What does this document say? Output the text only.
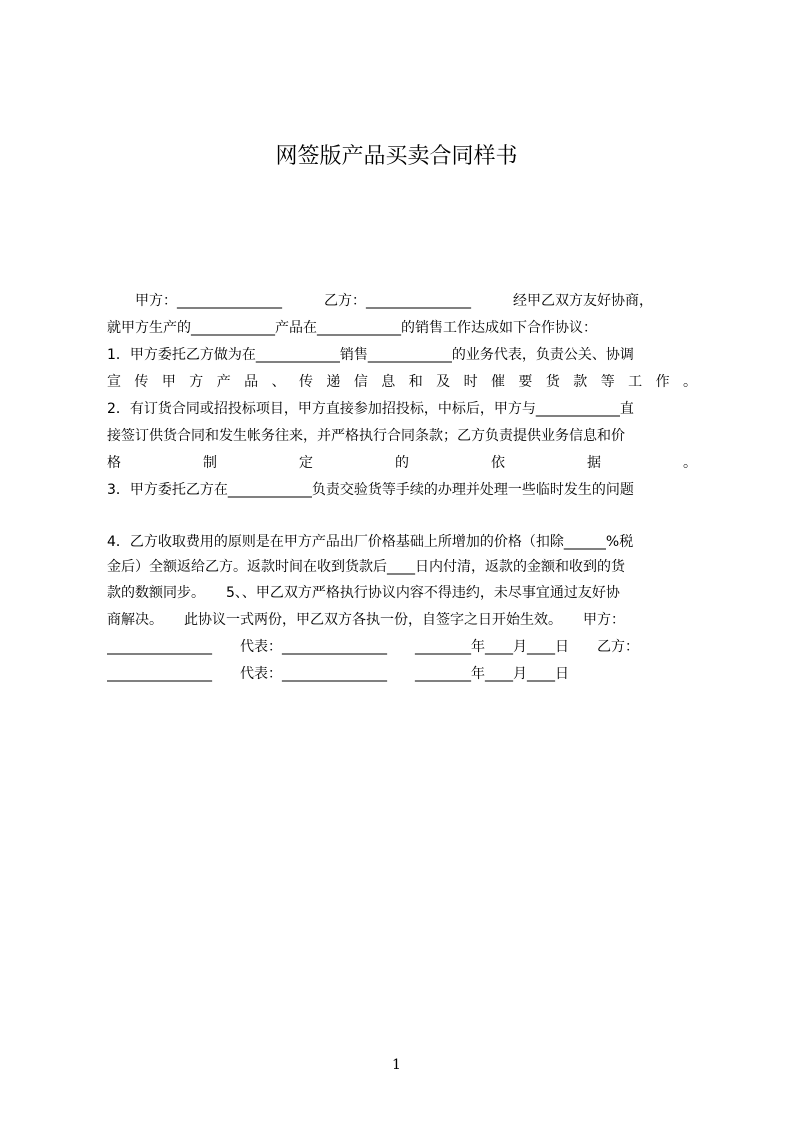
网签版产品买卖合同样书
　　甲方：_______________　　　乙方：_______________　　　经甲乙双方友好协商，
就甲方生产的____________产品在____________的销售工作达成如下合作协议：
1．甲方委托乙方做为在____________销售____________的业务代表，负责公关、协调
宣 传 甲 方 产 品 、 传 递 信 息 和 及 时 催 要 货 款 等 工 作 。
2．有订货合同或招投标项目，甲方直接参加招投标，中标后，甲方与____________直
接签订供货合同和发生帐务往来，并严格执行合同条款；乙方负责提供业务信息和价
格　　　　　制　　　　　定　　　　　的　　　　　依　　　　　据　　　　　。
3．甲方委托乙方在____________负责交验货等手续的办理并处理一些临时发生的问题
4．乙方收取费用的原则是在甲方产品出厂价格基础上所增加的价格（扣除______%税
金后）全额返给乙方。返款时间在收到货款后____日内付清，返款的金额和收到的货
款的数额同步。　　5、、甲乙双方严格执行协议内容不得违约，未尽事宜通过友好协
商解决。　　此协议一式两份，甲乙双方各执一份，自签字之日开始生效。　　甲方：
_______________　　代表：_______________　　________年____月____日　　乙方：
_______________　　代表：_______________　　________年____月____日
1
